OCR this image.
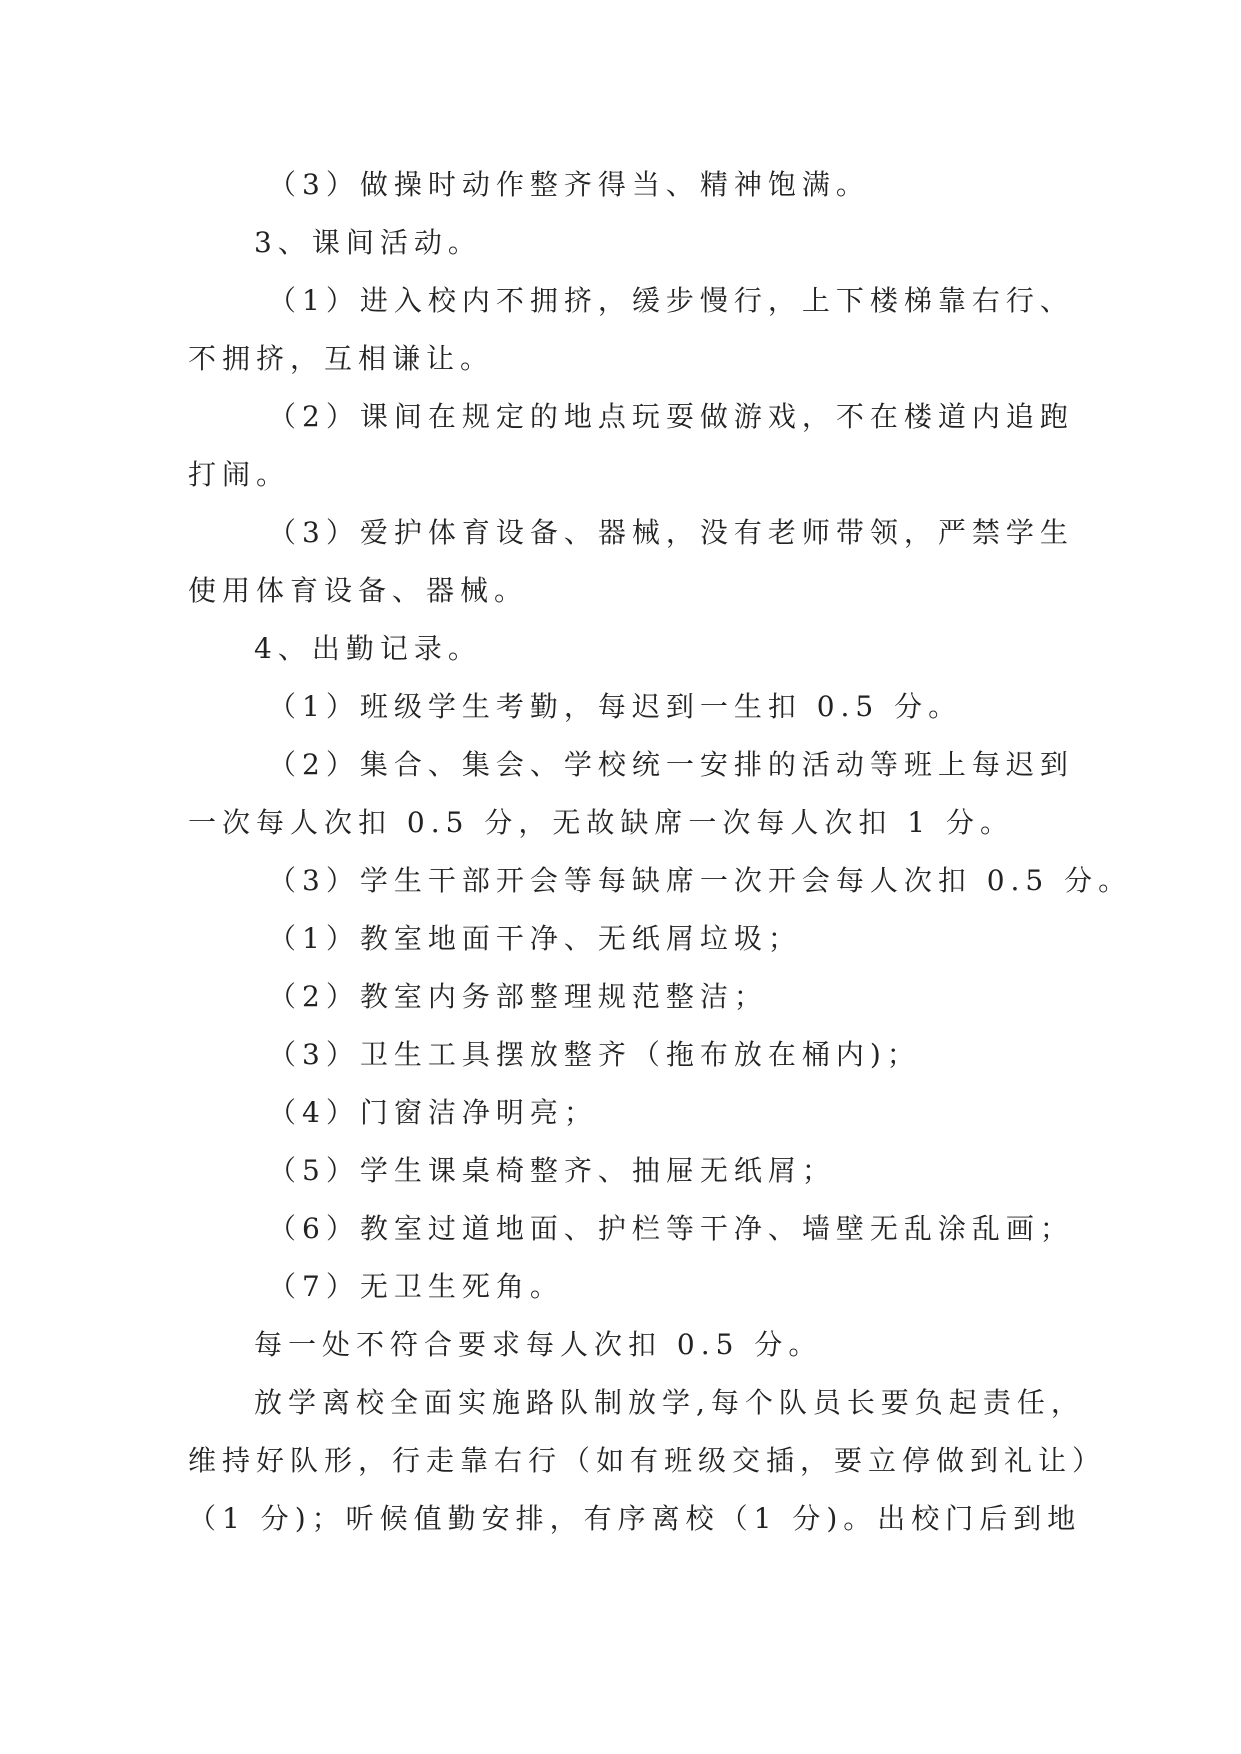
（3）做操时动作整齐得当、精神饱满。
3、课间活动。
（1）进入校内不拥挤，缓步慢行，上下楼梯靠右行、
不拥挤，互相谦让。
（2）课间在规定的地点玩耍做游戏，不在楼道内追跑
打闹。
（3）爱护体育设备、器械，没有老师带领，严禁学生
使用体育设备、器械。
4、出勤记录。
（1）班级学生考勤，每迟到一生扣 0.5 分。
（2）集合、集会、学校统一安排的活动等班上每迟到
一次每人次扣 0.5 分，无故缺席一次每人次扣 1 分。
（3）学生干部开会等每缺席一次开会每人次扣 0.5 分。
（1）教室地面干净、无纸屑垃圾；
（2）教室内务部整理规范整洁；
（3）卫生工具摆放整齐（拖布放在桶内)；
（4）门窗洁净明亮；
（5）学生课桌椅整齐、抽屉无纸屑；
（6）教室过道地面、护栏等干净、墙壁无乱涂乱画；
（7）无卫生死角。
每一处不符合要求每人次扣 0.5 分。
放学离校全面实施路队制放学,每个队员长要负起责任，
维持好队形，行走靠右行（如有班级交插，要立停做到礼让）
（1 分)；听候值勤安排，有序离校（1 分)。出校门后到地
